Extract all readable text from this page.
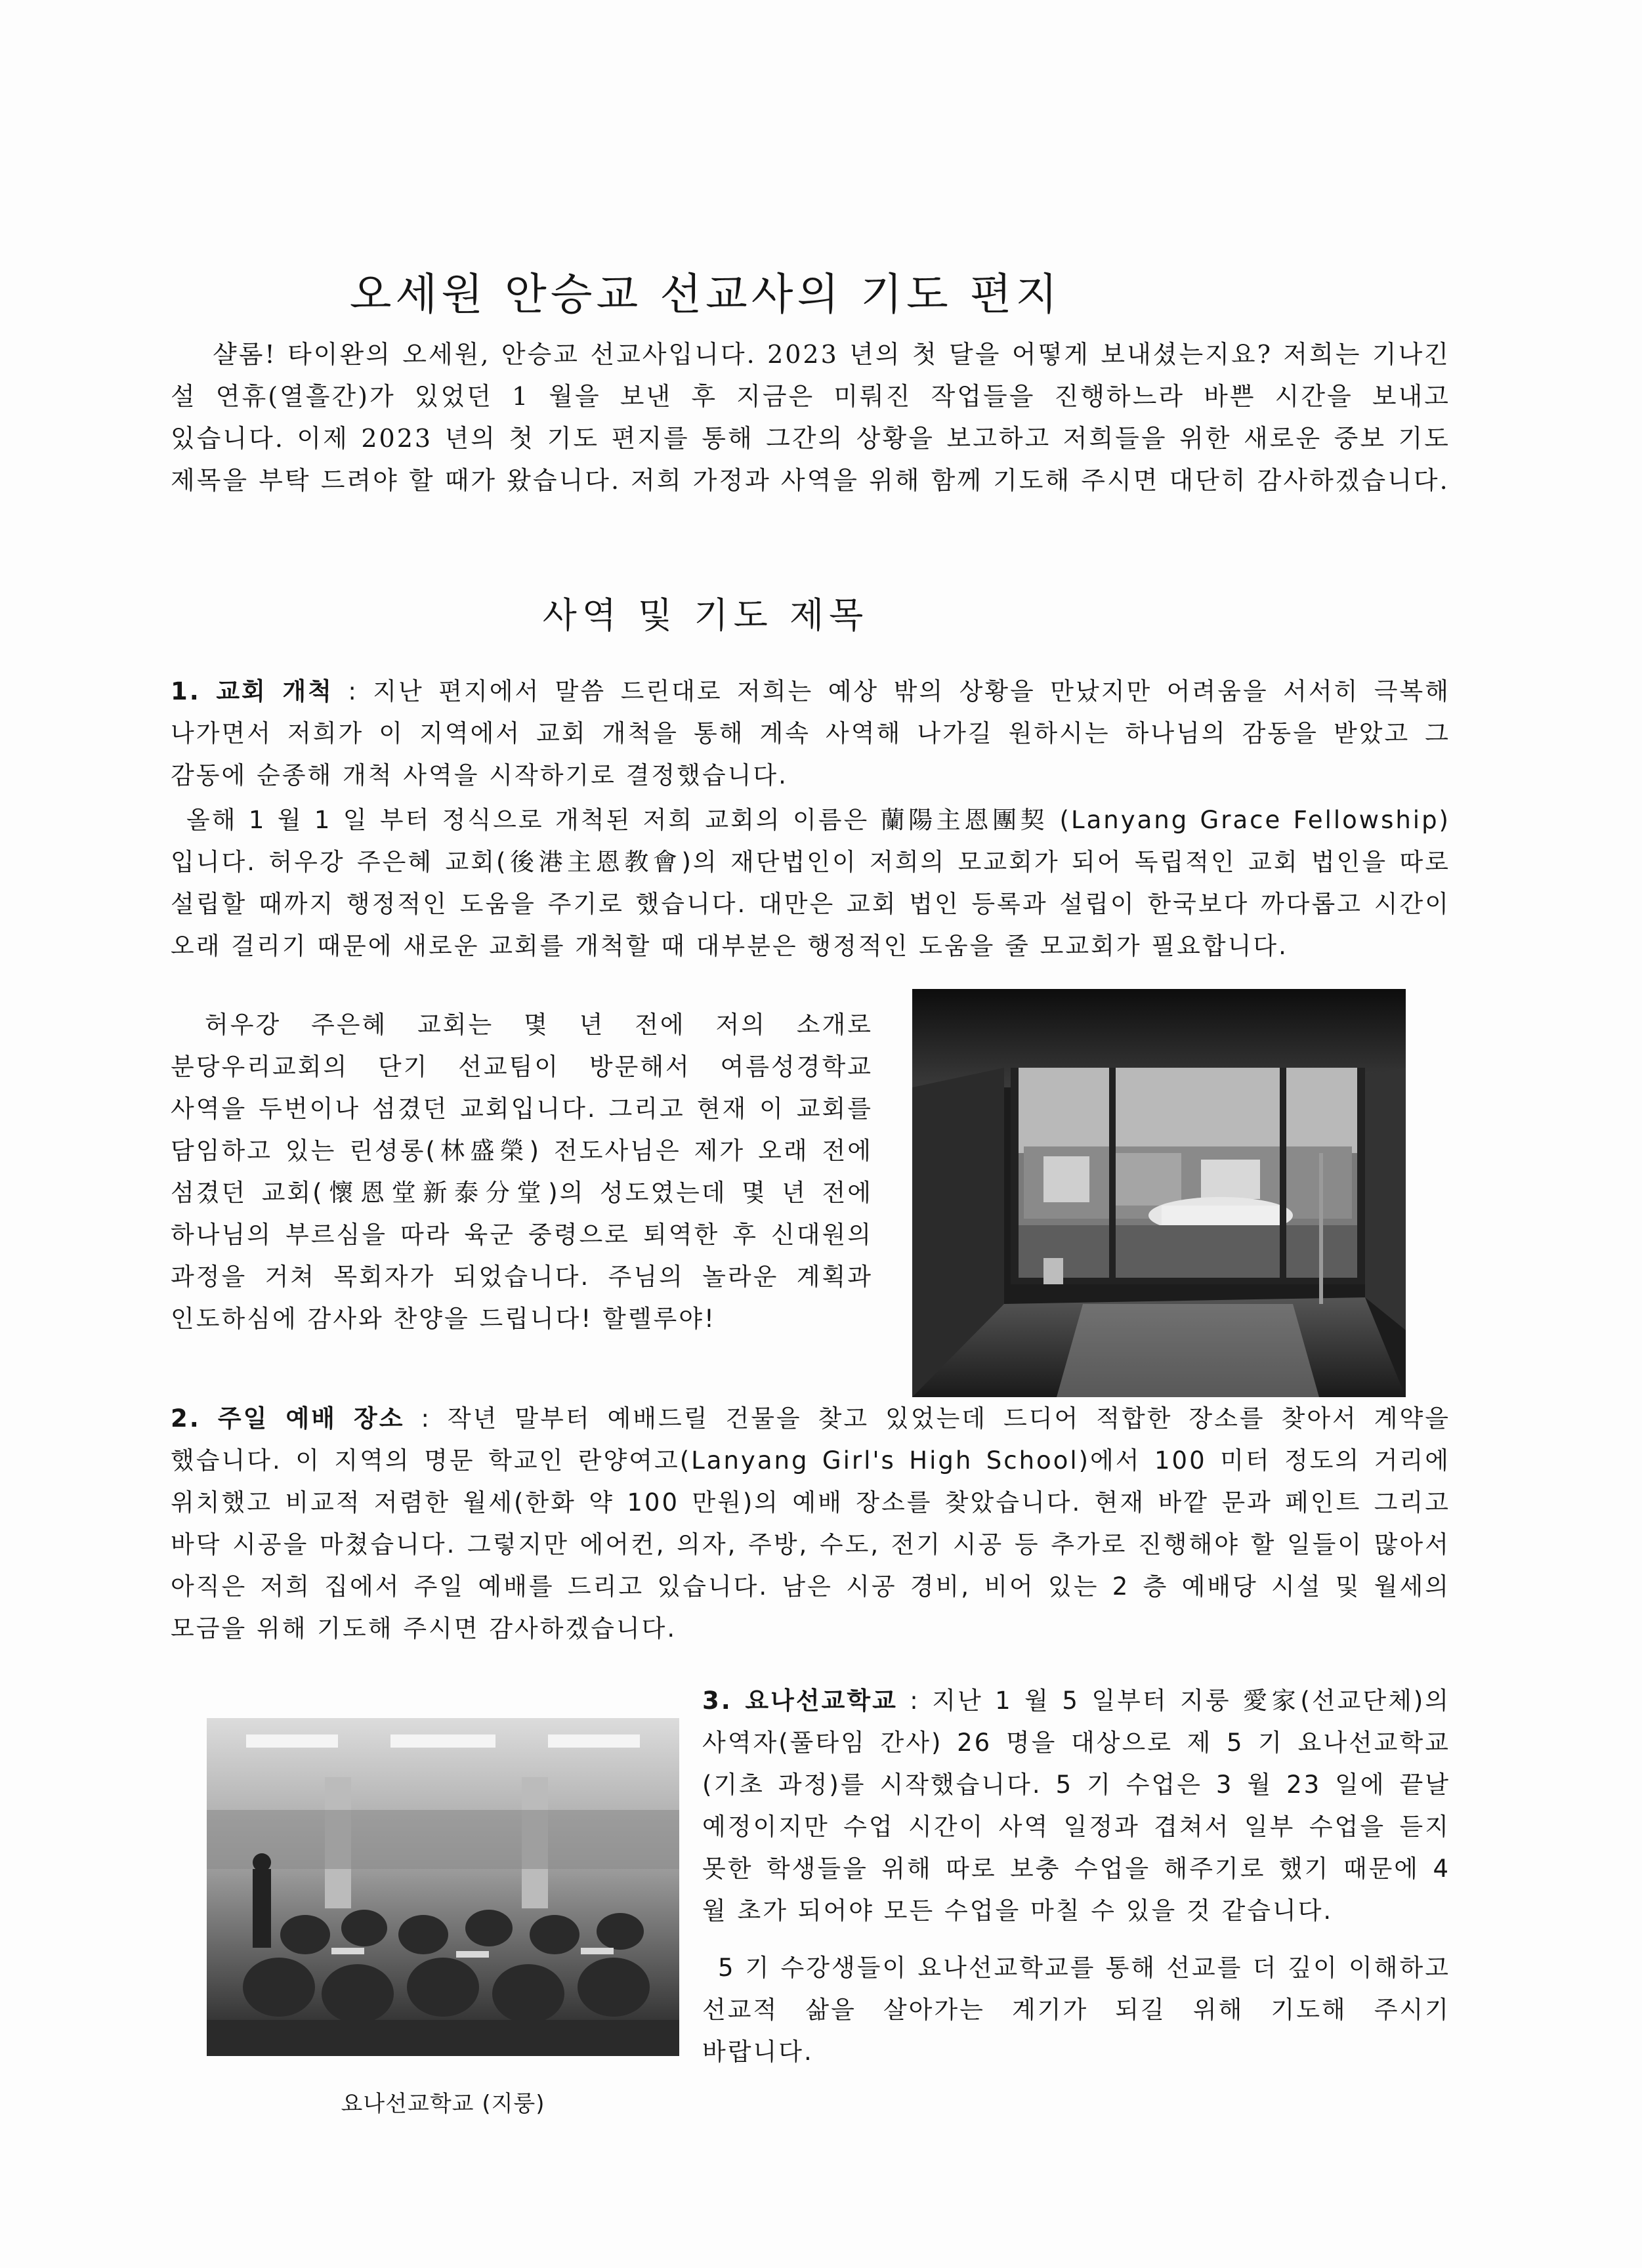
오세원 안승교 선교사의 기도 편지

샬롬! 타이완의 오세원, 안승교 선교사입니다. 2023 년의 첫 달을 어떻게 보내셨는지요? 저희는 기나긴 설 연휴(열흘간)가 있었던 1 월을 보낸 후 지금은 미뤄진 작업들을 진행하느라 바쁜 시간을 보내고 있습니다. 이제 2023 년의 첫 기도 편지를 통해 그간의 상황을 보고하고 저희들을 위한 새로운 중보 기도 제목을 부탁 드려야 할 때가 왔습니다. 저희 가정과 사역을 위해 함께 기도해 주시면 대단히 감사하겠습니다.

사역 및 기도 제목

1. 교회 개척 : 지난 편지에서 말씀 드린대로 저희는 예상 밖의 상황을 만났지만 어려움을 서서히 극복해 나가면서 저희가 이 지역에서 교회 개척을 통해 계속 사역해 나가길 원하시는 하나님의 감동을 받았고 그 감동에 순종해 개척 사역을 시작하기로 결정했습니다.

올해 1 월 1 일 부터 정식으로 개척된 저희 교회의 이름은 蘭陽主恩團契 (Lanyang Grace Fellowship) 입니다. 허우강 주은혜 교회(後港主恩教會)의 재단법인이 저희의 모교회가 되어 독립적인 교회 법인을 따로 설립할 때까지 행정적인 도움을 주기로 했습니다. 대만은 교회 법인 등록과 설립이 한국보다 까다롭고 시간이 오래 걸리기 때문에 새로운 교회를 개척할 때 대부분은 행정적인 도움을 줄 모교회가 필요합니다.

허우강 주은혜 교회는 몇 년 전에 저의 소개로 분당우리교회의 단기 선교팀이 방문해서 여름성경학교 사역을 두번이나 섬겼던 교회입니다. 그리고 현재 이 교회를 담임하고 있는 린셩롱(林盛榮) 전도사님은 제가 오래 전에 섬겼던 교회(懷恩堂新泰分堂)의 성도였는데 몇 년 전에 하나님의 부르심을 따라 육군 중령으로 퇴역한 후 신대원의 과정을 거쳐 목회자가 되었습니다. 주님의 놀라운 계획과 인도하심에 감사와 찬양을 드립니다! 할렐루야!

2. 주일 예배 장소 : 작년 말부터 예배드릴 건물을 찾고 있었는데 드디어 적합한 장소를 찾아서 계약을 했습니다. 이 지역의 명문 학교인 란양여고(Lanyang Girl's High School)에서 100 미터 정도의 거리에 위치했고 비교적 저렴한 월세(한화 약 100 만원)의 예배 장소를 찾았습니다. 현재 바깥 문과 페인트 그리고 바닥 시공을 마쳤습니다. 그렇지만 에어컨, 의자, 주방, 수도, 전기 시공 등 추가로 진행해야 할 일들이 많아서 아직은 저희 집에서 주일 예배를 드리고 있습니다. 남은 시공 경비, 비어 있는 2 층 예배당 시설 및 월세의 모금을 위해 기도해 주시면 감사하겠습니다.

요나선교학교 (지룽)

3. 요나선교학교 : 지난 1 월 5 일부터 지룽 愛家(선교단체)의 사역자(풀타임 간사) 26 명을 대상으로 제 5 기 요나선교학교(기초 과정)를 시작했습니다. 5 기 수업은 3 월 23 일에 끝날 예정이지만 수업 시간이 사역 일정과 겹쳐서 일부 수업을 듣지 못한 학생들을 위해 따로 보충 수업을 해주기로 했기 때문에 4 월 초가 되어야 모든 수업을 마칠 수 있을 것 같습니다.

5 기 수강생들이 요나선교학교를 통해 선교를 더 깊이 이해하고 선교적 삶을 살아가는 계기가 되길 위해 기도해 주시기 바랍니다.
